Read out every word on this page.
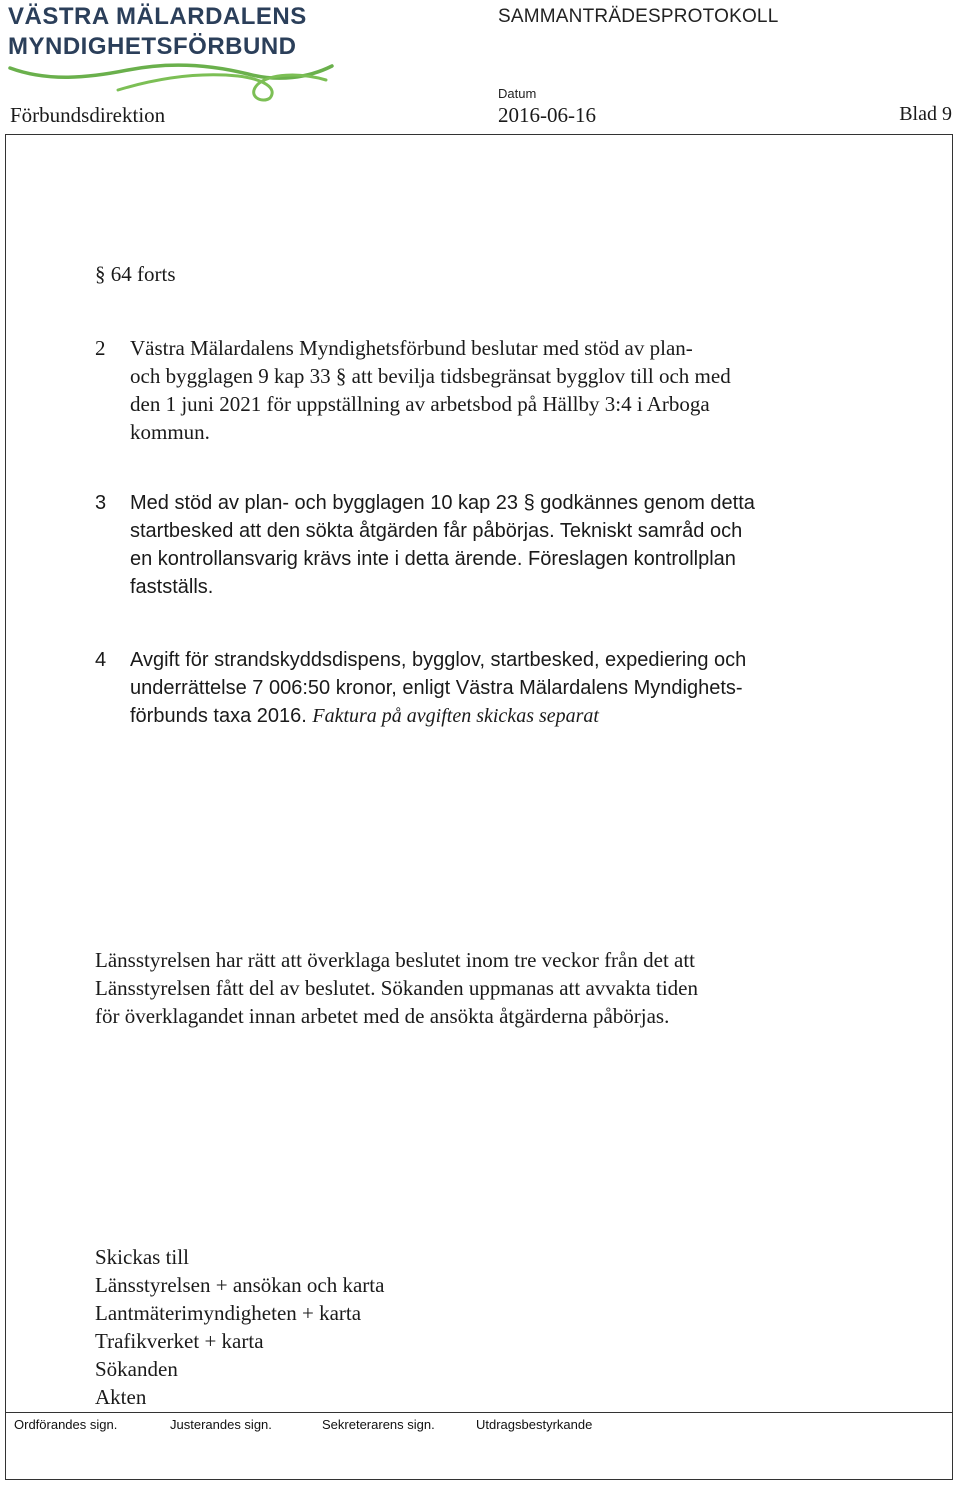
VÄSTRA MÄLARDALENS
MYNDIGHETSFÖRBUND
SAMMANTRÄDESPROTOKOLL
Datum
Förbundsdirektion	2016-06-16	Blad 9
§ 64 forts
2	Västra Mälardalens Myndighetsförbund beslutar med stöd av plan-
och bygglagen 9 kap 33 § att bevilja tidsbegränsat bygglov till och med
den 1 juni 2021 för uppställning av arbetsbod på Hällby 3:4 i Arboga
kommun.
3	Med stöd av plan- och bygglagen 10 kap 23 § godkännes genom detta
startbesked att den sökta åtgärden får påbörjas. Tekniskt samråd och
en kontrollansvarig krävs inte i detta ärende. Föreslagen kontrollplan
fastställs.
4	Avgift för strandskyddsdispens, bygglov, startbesked, expediering och
underrättelse 7 006:50 kronor, enligt Västra Mälardalens Myndighets-
förbunds taxa 2016. Faktura på avgiften skickas separat
Länsstyrelsen har rätt att överklaga beslutet inom tre veckor från det att
Länsstyrelsen fått del av beslutet. Sökanden uppmanas att avvakta tiden
för överklagandet innan arbetet med de ansökta åtgärderna påbörjas.
Skickas till
Länsstyrelsen + ansökan och karta
Lantmäterimyndigheten + karta
Trafikverket + karta
Sökanden
Akten
Ordförandes sign.	Justerandes sign.	Sekreterarens sign.	Utdragsbestyrkande
